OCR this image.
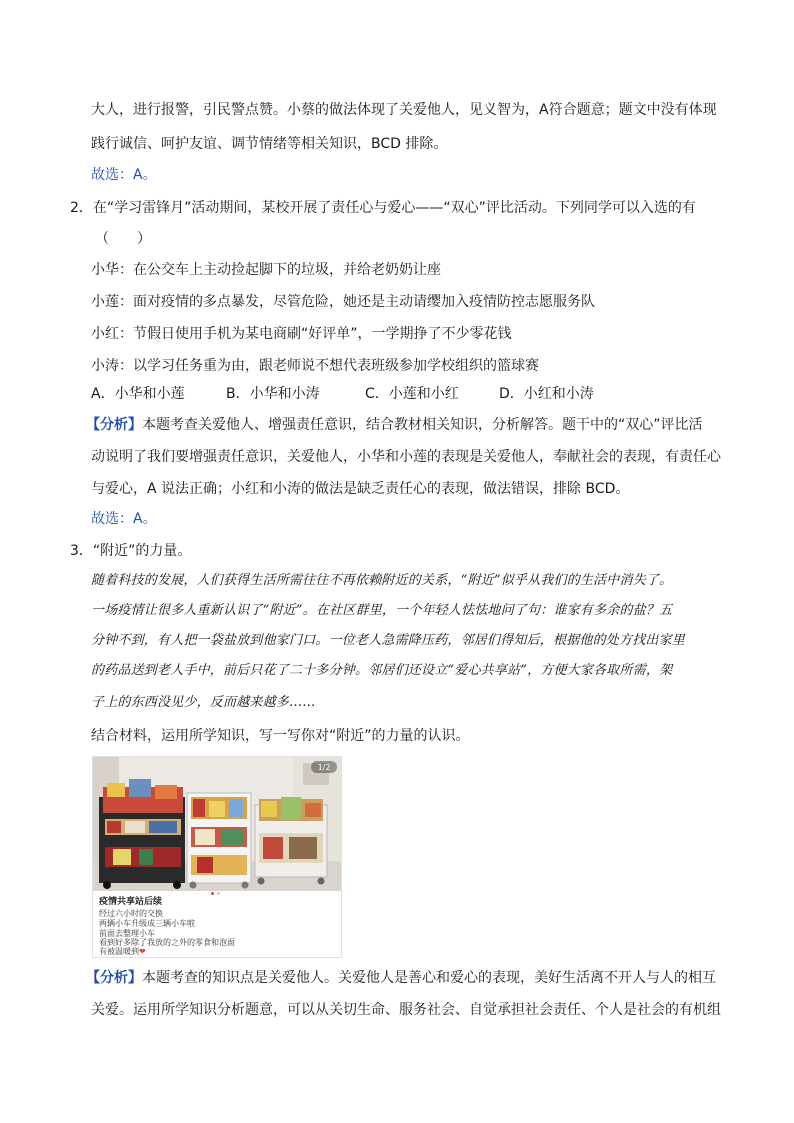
大人，进行报警，引民警点赞。小蔡的做法体现了关爱他人，见义智为，A符合题意；题文中没有体现
践行诚信、呵护友谊、调节情绪等相关知识，BCD 排除。
故选：A。
2．在“学习雷锋月”活动期间，某校开展了责任心与爱心——“双心”评比活动。下列同学可以入选的有
（　　）
小华：在公交车上主动捡起脚下的垃圾，并给老奶奶让座
小莲：面对疫情的多点暴发，尽管危险，她还是主动请缨加入疫情防控志愿服务队
小红：节假日使用手机为某电商刷“好评单”，一学期挣了不少零花钱
小涛：以学习任务重为由，跟老师说不想代表班级参加学校组织的篮球赛
A．小华和小莲	B．小华和小涛	C．小莲和小红	D．小红和小涛
【分析】本题考查关爱他人、增强责任意识，结合教材相关知识，分析解答。题干中的“双心”评比活
动说明了我们要增强责任意识，关爱他人，小华和小莲的表现是关爱他人，奉献社会的表现，有责任心
与爱心，A 说法正确；小红和小涛的做法是缺乏责任心的表现，做法错误，排除 BCD。
故选：A。
3．“附近”的力量。
随着科技的发展，人们获得生活所需往往不再依赖附近的关系，“附近”似乎从我们的生活中消失了。
一场疫情让很多人重新认识了“附近”。在社区群里，一个年轻人怯怯地问了句：谁家有多余的盐？五
分钟不到，有人把一袋盐放到他家门口。一位老人急需降压药，邻居们得知后，根据他的处方找出家里
的药品送到老人手中，前后只花了二十多分钟。邻居们还设立“爱心共享站”，方便大家各取所需，架
子上的东西没见少，反而越来越多……
结合材料，运用所学知识，写一写你对“附近”的力量的认识。
1/2
疫情共享站后续
经过六小时的交换
两辆小车升级成三辆小车啦
前面去整理小车
看到好多除了我放的之外的零食和泡面
有被温暖到❤
【分析】本题考查的知识点是关爱他人。关爱他人是善心和爱心的表现，美好生活离不开人与人的相互
关爱。运用所学知识分析题意，可以从关切生命、服务社会、自觉承担社会责任、个人是社会的有机组
